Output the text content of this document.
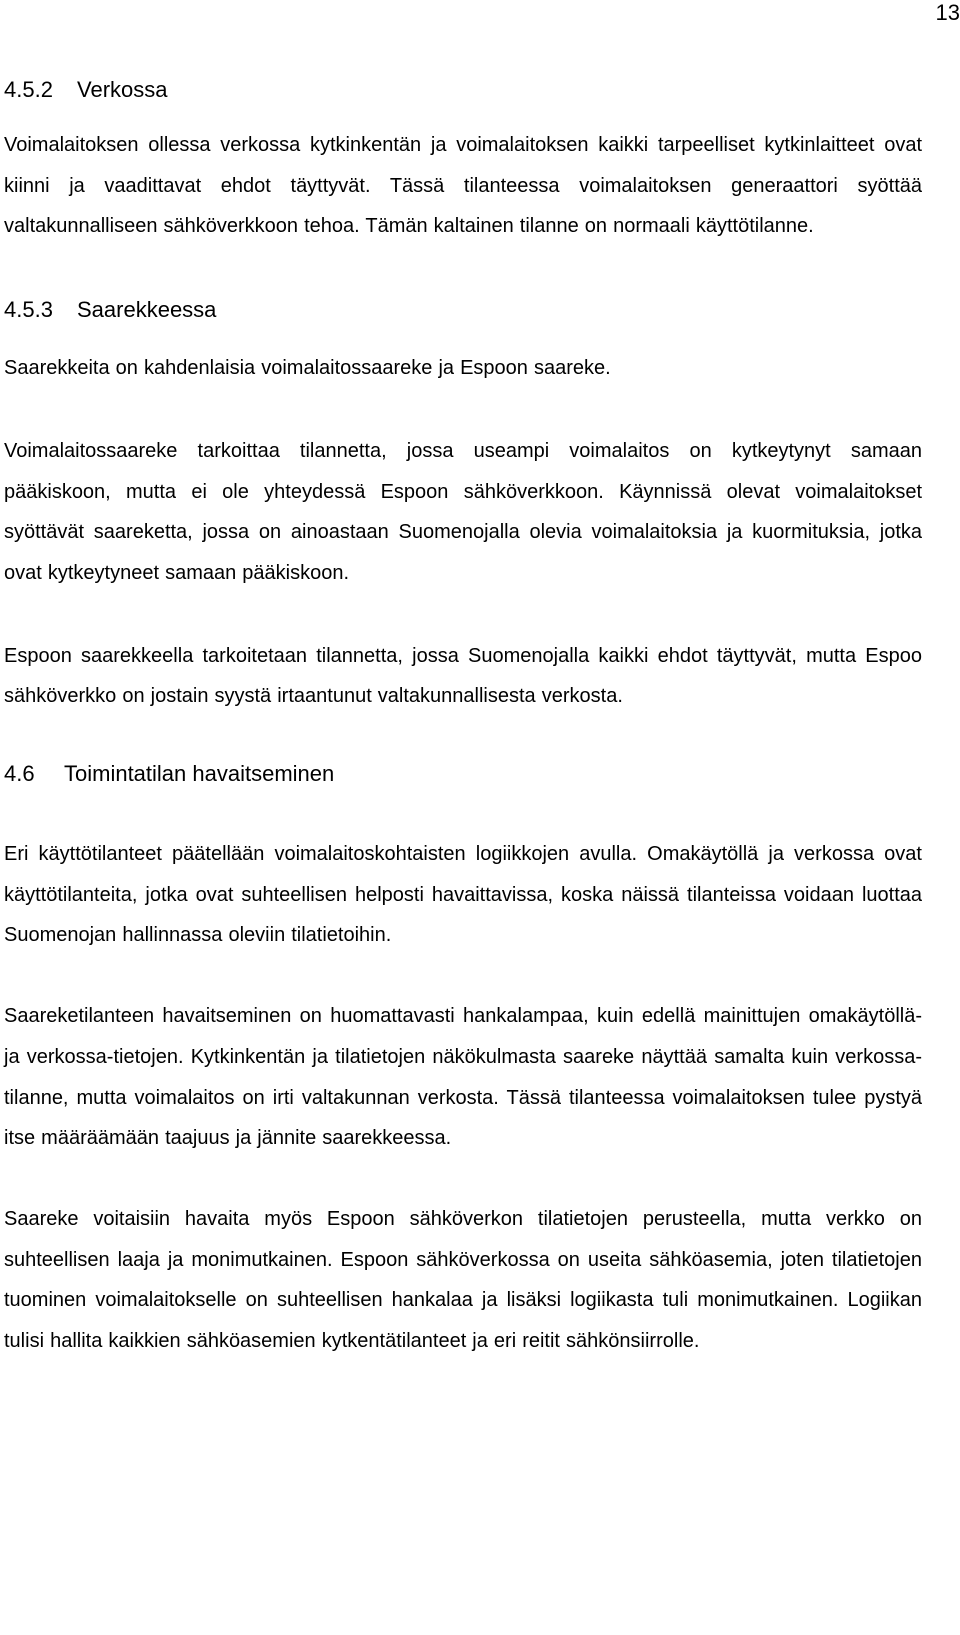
13
4.5.2 Verkossa

Voimalaitoksen ollessa verkossa kytkinkentän ja voimalaitoksen kaikki tarpeelliset kytkinlaitteet ovat kiinni ja vaadittavat ehdot täyttyvät. Tässä tilanteessa voimalaitoksen generaattori syöttää valtakunnalliseen sähköverkkoon tehoa. Tämän kaltainen tilanne on normaali käyttötilanne.

4.5.3 Saarekkeessa

Saarekkeita on kahdenlaisia voimalaitossaareke ja Espoon saareke.

Voimalaitossaareke tarkoittaa tilannetta, jossa useampi voimalaitos on kytkeytynyt samaan pääkiskoon, mutta ei ole yhteydessä Espoon sähköverkkoon. Käynnissä olevat voimalaitokset syöttävät saareketta, jossa on ainoastaan Suomenojalla olevia voimalaitoksia ja kuormituksia, jotka ovat kytkeytyneet samaan pääkiskoon.

Espoon saarekkeella tarkoitetaan tilannetta, jossa Suomenojalla kaikki ehdot täyttyvät, mutta Espoo sähköverkko on jostain syystä irtaantunut valtakunnallisesta verkosta.

4.6 Toimintatilan havaitseminen

Eri käyttötilanteet päätellään voimalaitoskohtaisten logiikkojen avulla. Omakäytöllä ja verkossa ovat käyttötilanteita, jotka ovat suhteellisen helposti havaittavissa, koska näissä tilanteissa voidaan luottaa Suomenojan hallinnassa oleviin tilatietoihin.

Saareketilanteen havaitseminen on huomattavasti hankalampaa, kuin edellä mainittujen omakäytöllä- ja verkossa-tietojen. Kytkinkentän ja tilatietojen näkökulmasta saareke näyttää samalta kuin verkossa-tilanne, mutta voimalaitos on irti valtakunnan verkosta. Tässä tilanteessa voimalaitoksen tulee pystyä itse määräämään taajuus ja jännite saarekkeessa.

Saareke voitaisiin havaita myös Espoon sähköverkon tilatietojen perusteella, mutta verkko on suhteellisen laaja ja monimutkainen. Espoon sähköverkossa on useita sähköasemia, joten tilatietojen tuominen voimalaitokselle on suhteellisen hankalaa ja lisäksi logiikasta tuli monimutkainen. Logiikan tulisi hallita kaikkien sähköasemien kytkentätilanteet ja eri reitit sähkönsiirrolle.
